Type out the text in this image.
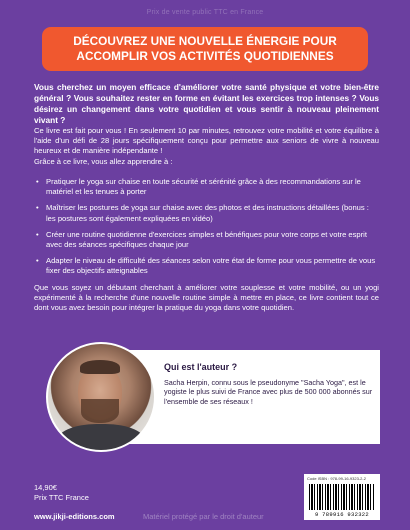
Prix de vente public TTC en France
DÉCOUVREZ UNE NOUVELLE ÉNERGIE POUR
ACCOMPLIR VOS ACTIVITÉS QUOTIDIENNES

Vous cherchez un moyen efficace d'améliorer votre santé physique et votre bien-être général ? Vous souhaitez rester en forme en évitant les exercices trop intenses ? Vous désirez un changement dans votre quotidien et vous sentir à nouveau pleinement vivant ?

Ce livre est fait pour vous ! En seulement 10 par minutes, retrouvez votre mobilité et votre équilibre à l'aide d'un défi de 28 jours spécifiquement conçu pour permettre aux seniors de vivre à nouveau heureux et de manière indépendante !

Grâce à ce livre, vous allez apprendre à :

• Pratiquer le yoga sur chaise en toute sécurité et sérénité grâce à des recommandations sur le matériel et les tenues à porter
• Maîtriser les postures de yoga sur chaise avec des photos et des instructions détaillées (bonus : les postures sont également expliquées en vidéo)
• Créer une routine quotidienne d'exercices simples et bénéfiques pour votre corps et votre esprit avec des séances spécifiques chaque jour
• Adapter le niveau de difficulté des séances selon votre état de forme pour vous permettre de vous fixer des objectifs atteignables

Que vous soyez un débutant cherchant à améliorer votre souplesse et votre mobilité, ou un yogi expérimenté à la recherche d'une nouvelle routine simple à mettre en place, ce livre contient tout ce dont vous avez besoin pour intégrer la pratique du yoga dans votre quotidien.

Qui est l'auteur ?

Sacha Herpin, connu sous le pseudonyme "Sacha Yoga", est le yogiste le plus suivi de France avec plus de 500 000 abonnés sur l'ensemble de ses réseaux !

14,90€
Prix TTC France
www.jikji-editions.com	Matériel protégé par le droit d'auteur
Code ISBN : 978-99-16-9323-2-2
9 789916 932322
